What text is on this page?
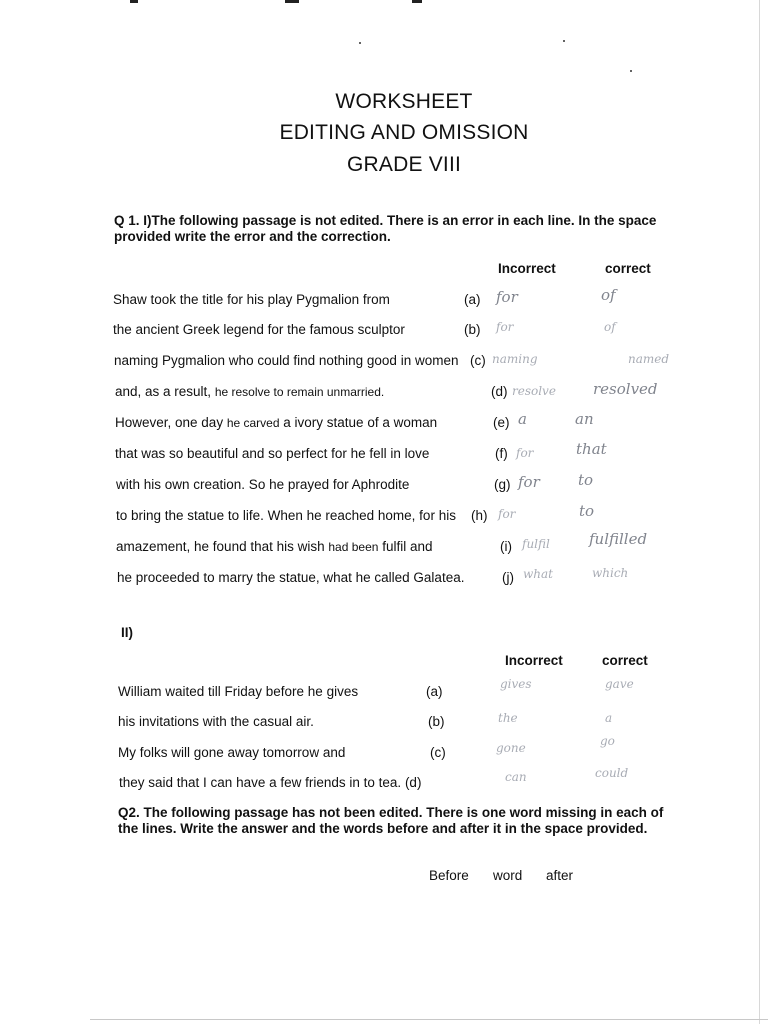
WORKSHEET
EDITING AND OMISSION
GRADE VIII
Q 1. I)The following passage is not edited. There is an error in each line. In the space provided write the error and the correction.
Incorrect	correct
Shaw took the title for his play Pygmalion from	(a) for	of
the ancient Greek legend for the famous sculptor	(b) for	of
naming Pygmalion who could find nothing good in women (c) naming	named
and, as a result, he resolve to remain unmarried.	(d) resolve resolved
However, one day he carved a ivory statue of a woman	(e) a	an
that was so beautiful and so perfect for he fell in love	(f) for	that
with his own creation. So he prayed for Aphrodite	(g) for	to
to bring the statue to life. When he reached home, for his (h) for	to
amazement, he found that his wish had been fulfil and	(i) fulfil	fulfilled
he proceeded to marry the statue, what he called Galatea.	(j) what	which
II)
Incorrect	correct
William waited till Friday before he gives	(a)	gives	gave
his invitations with the casual air.	(b)	the	a
My folks will gone away tomorrow and	(c)	gone	go
they said that I can have a few friends in to tea. (d)	can	could
Q2. The following passage has not been edited. There is one word missing in each of the lines. Write the answer and the words before and after it in the space provided.
Before word after
